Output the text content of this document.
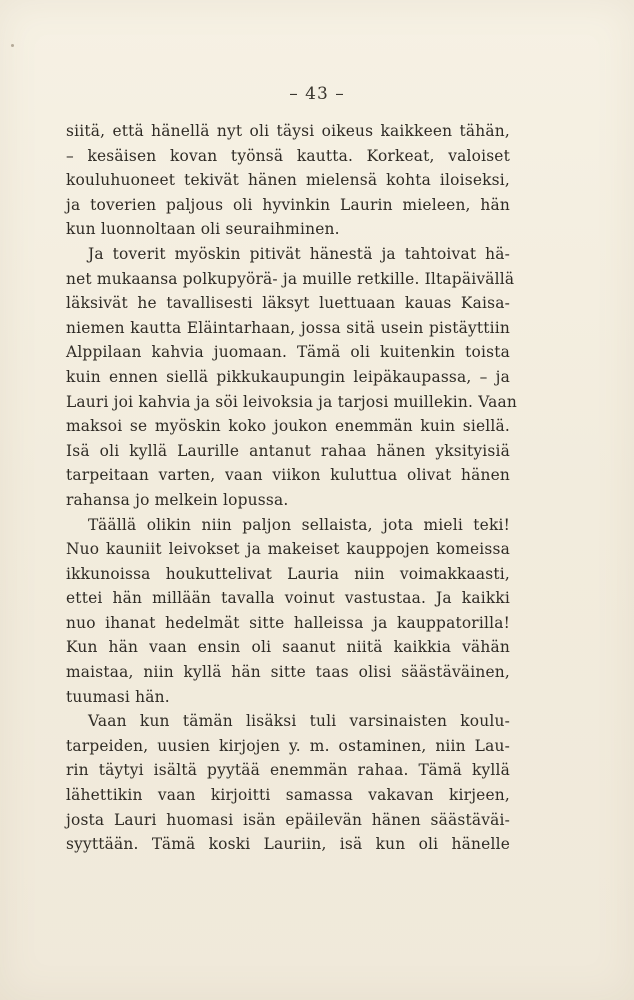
– 43 –
siitä, että hänellä nyt oli täysi oikeus kaikkeen tähän,
– kesäisen kovan työnsä kautta. Korkeat, valoiset
kouluhuoneet tekivät hänen mielensä kohta iloiseksi,
ja toverien paljous oli hyvinkin Laurin mieleen, hän
kun luonnoltaan oli seuraihminen.
Ja toverit myöskin pitivät hänestä ja tahtoivat hä-
net mukaansa polkupyörä- ja muille retkille. Iltapäivällä
läksivät he tavallisesti läksyt luettuaan kauas Kaisa-
niemen kautta Eläintarhaan, jossa sitä usein pistäyttiin
Alppilaan kahvia juomaan. Tämä oli kuitenkin toista
kuin ennen siellä pikkukaupungin leipäkaupassa, – ja
Lauri joi kahvia ja söi leivoksia ja tarjosi muillekin. Vaan
maksoi se myöskin koko joukon enemmän kuin siellä.
Isä oli kyllä Laurille antanut rahaa hänen yksityisiä
tarpeitaan varten, vaan viikon kuluttua olivat hänen
rahansa jo melkein lopussa.
Täällä olikin niin paljon sellaista, jota mieli teki!
Nuo kauniit leivokset ja makeiset kauppojen komeissa
ikkunoissa houkuttelivat Lauria niin voimakkaasti,
ettei hän millään tavalla voinut vastustaa. Ja kaikki
nuo ihanat hedelmät sitte halleissa ja kauppatorilla!
Kun hän vaan ensin oli saanut niitä kaikkia vähän
maistaa, niin kyllä hän sitte taas olisi säästäväinen,
tuumasi hän.
Vaan kun tämän lisäksi tuli varsinaisten koulu-
tarpeiden, uusien kirjojen y. m. ostaminen, niin Lau-
rin täytyi isältä pyytää enemmän rahaa. Tämä kyllä
lähettikin vaan kirjoitti samassa vakavan kirjeen,
josta Lauri huomasi isän epäilevän hänen säästäväi-
syyttään. Tämä koski Lauriin, isä kun oli hänelle
